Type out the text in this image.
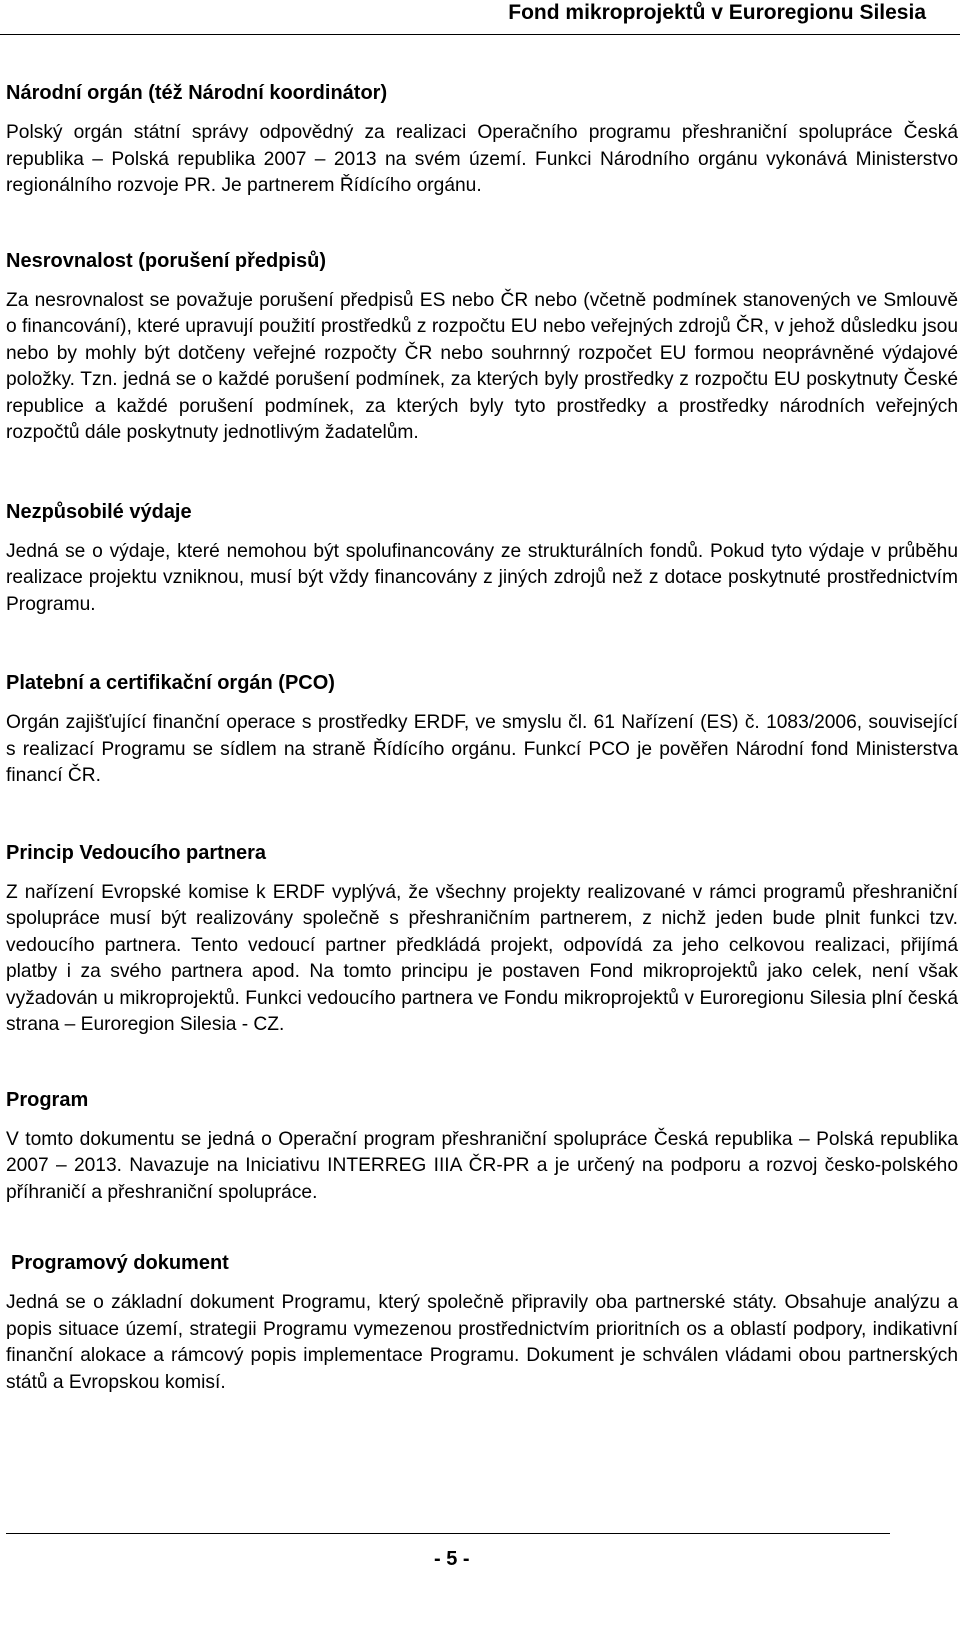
Fond mikroprojektů v Euroregionu Silesia
Národní orgán (též Národní koordinátor)

Polský orgán státní správy odpovědný za realizaci Operačního programu přeshraniční spolupráce Česká republika – Polská republika 2007 – 2013 na svém území. Funkci Národního orgánu vykonává Ministerstvo regionálního rozvoje PR. Je partnerem Řídícího orgánu.

Nesrovnalost (porušení předpisů)

Za nesrovnalost se považuje porušení předpisů ES nebo ČR nebo (včetně podmínek stanovených ve Smlouvě o financování), které upravují použití prostředků z rozpočtu EU nebo veřejných zdrojů ČR, v jehož důsledku jsou nebo by mohly být dotčeny veřejné rozpočty ČR nebo souhrnný rozpočet EU formou neoprávněné výdajové položky. Tzn. jedná se o každé porušení podmínek, za kterých byly prostředky z rozpočtu EU poskytnuty České republice a každé porušení podmínek, za kterých byly tyto prostředky a prostředky národních veřejných rozpočtů dále poskytnuty jednotlivým žadatelům.

Nezpůsobilé výdaje

Jedná se o výdaje, které nemohou být spolufinancovány ze strukturálních fondů. Pokud tyto výdaje v průběhu realizace projektu vzniknou, musí být vždy financovány z jiných zdrojů než z dotace poskytnuté prostřednictvím Programu.

Platební a certifikační orgán (PCO)

Orgán zajišťující finanční operace s prostředky ERDF, ve smyslu čl. 61 Nařízení (ES) č. 1083/2006, související s realizací Programu se sídlem na straně Řídícího orgánu. Funkcí PCO je pověřen Národní fond Ministerstva financí ČR.

Princip Vedoucího partnera

Z nařízení Evropské komise k ERDF vyplývá, že všechny projekty realizované v rámci programů přeshraniční spolupráce musí být realizovány společně s přeshraničním partnerem, z nichž jeden bude plnit funkci tzv. vedoucího partnera. Tento vedoucí partner předkládá projekt, odpovídá za jeho celkovou realizaci, přijímá platby i za svého partnera apod. Na tomto principu je postaven Fond mikroprojektů jako celek, není však vyžadován u mikroprojektů. Funkci vedoucího partnera ve Fondu mikroprojektů v Euroregionu Silesia plní česká strana – Euroregion Silesia - CZ.

Program

V tomto dokumentu se jedná o Operační program přeshraniční spolupráce Česká republika – Polská republika 2007 – 2013. Navazuje na Iniciativu INTERREG IIIA ČR-PR a je určený na podporu a rozvoj česko-polského příhraničí a přeshraniční spolupráce.

Programový dokument

Jedná se o základní dokument Programu, který společně připravily oba partnerské státy. Obsahuje analýzu a popis situace území, strategii Programu vymezenou prostřednictvím prioritních os a oblastí podpory, indikativní finanční alokace a rámcový popis implementace Programu. Dokument je schválen vládami obou partnerských států a Evropskou komisí.

- 5 -
